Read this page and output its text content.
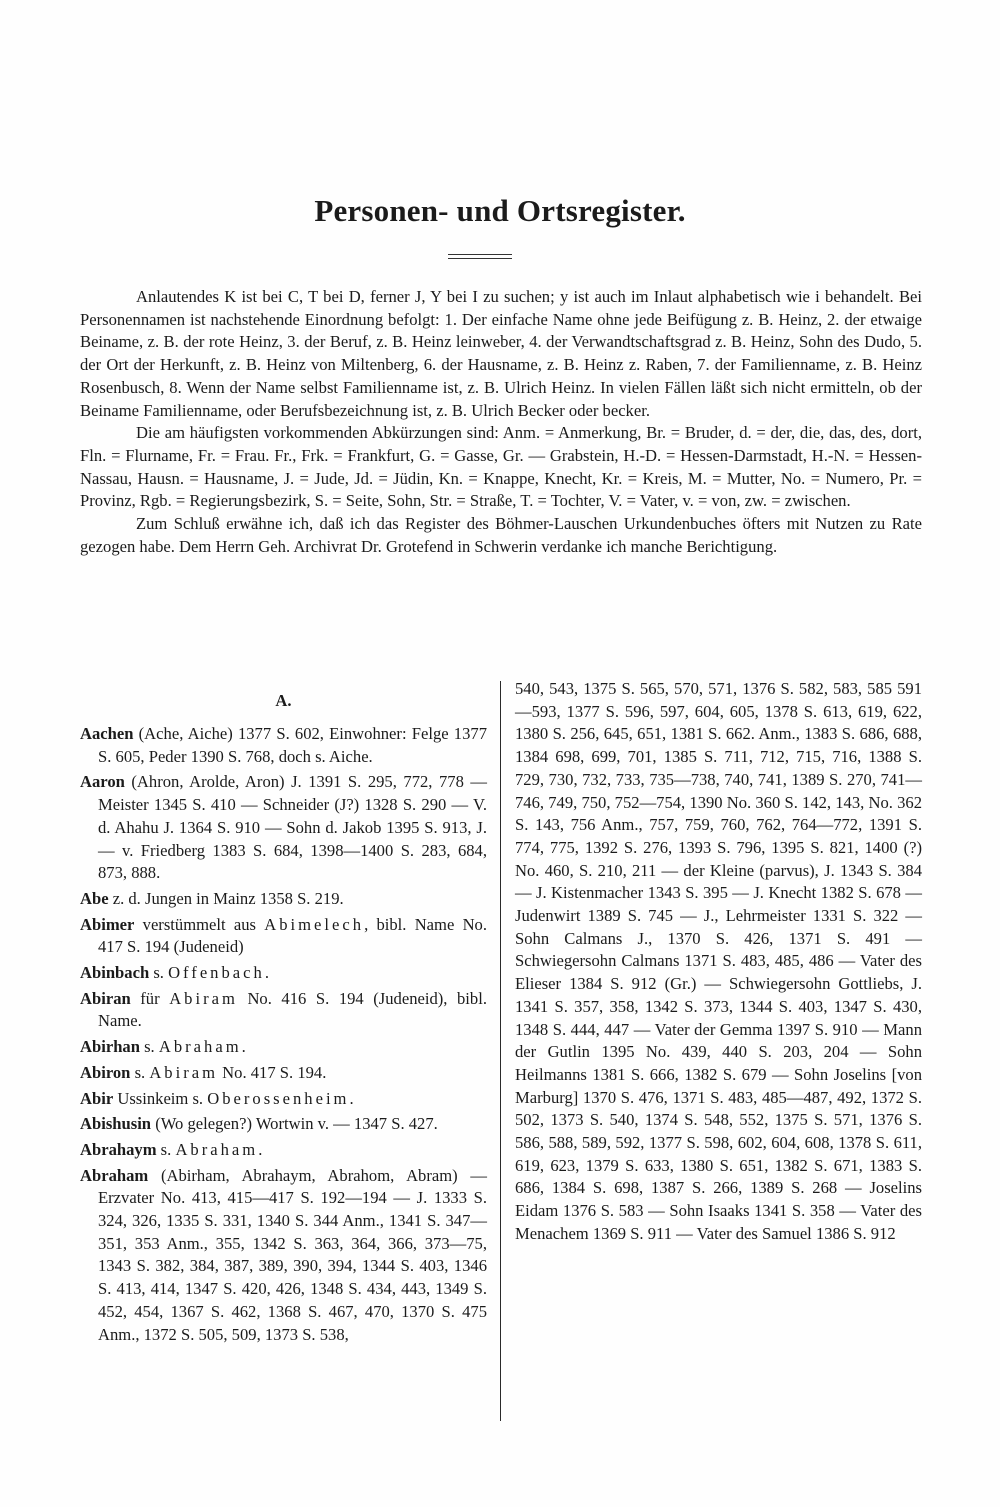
Personen- und Ortsregister.

Anlautendes K ist bei C, T bei D, ferner J, Y bei I zu suchen; y ist auch im Inlaut alphabetisch wie i behandelt. Bei Personennamen ist nachstehende Einordnung befolgt: 1. Der einfache Name ohne jede Beifügung z. B. Heinz, 2. der etwaige Beiname, z. B. der rote Heinz, 3. der Beruf, z. B. Heinz leinweber, 4. der Verwandtschaftsgrad z. B. Heinz, Sohn des Dudo, 5. der Ort der Herkunft, z. B. Heinz von Miltenberg, 6. der Hausname, z. B. Heinz z. Raben, 7. der Familienname, z. B. Heinz Rosenbusch, 8. Wenn der Name selbst Familienname ist, z. B. Ulrich Heinz. In vielen Fällen läßt sich nicht ermitteln, ob der Beiname Familienname, oder Berufsbezeichnung ist, z. B. Ulrich Becker oder becker.

Die am häufigsten vorkommenden Abkürzungen sind: Anm. = Anmerkung, Br. = Bruder, d. = der, die, das, des, dort, Fln. = Flurname, Fr. = Frau. Fr., Frk. = Frankfurt, G. = Gasse, Gr. — Grabstein, H.-D. = Hessen-Darmstadt, H.-N. = Hessen-Nassau, Hausn. = Hausname, J. = Jude, Jd. = Jüdin, Kn. = Knappe, Knecht, Kr. = Kreis, M. = Mutter, No. = Numero, Pr. = Provinz, Rgb. = Regierungsbezirk, S. = Seite, Sohn, Str. = Straße, T. = Tochter, V. = Vater, v. = von, zw. = zwischen.

Zum Schluß erwähne ich, daß ich das Register des Böhmer-Lauschen Urkundenbuches öfters mit Nutzen zu Rate gezogen habe. Dem Herrn Geh. Archivrat Dr. Grotefend in Schwerin verdanke ich manche Berichtigung.

A.

Aachen (Ache, Aiche) 1377 S. 602, Einwohner: Felge 1377 S. 605, Peder 1390 S. 768, doch s. Aiche.

Aaron (Ahron, Arolde, Aron) J. 1391 S. 295, 772, 778 — Meister 1345 S. 410 — Schneider (J?) 1328 S. 290 — V. d. Ahahu J. 1364 S. 910 — Sohn d. Jakob 1395 S. 913, J. — v. Friedberg 1383 S. 684, 1398—1400 S. 283, 684, 873, 888.

Abe z. d. Jungen in Mainz 1358 S. 219.

Abimer verstümmelt aus Abimelech, bibl. Name No. 417 S. 194 (Judeneid)

Abinbach s. Offenbach.

Abiran für Abiram No. 416 S. 194 (Judeneid), bibl. Name.

Abirhan s. Abraham.

Abiron s. Abiram No. 417 S. 194.

Abir Ussinkeim s. Oberossenheim.

Abishusin (Wo gelegen?) Wortwin v. — 1347 S. 427.

Abrahaym s. Abraham.

Abraham (Abirham, Abrahaym, Abrahom, Abram) — Erzvater No. 413, 415—417 S. 192—194 — J. 1333 S. 324, 326, 1335 S. 331, 1340 S. 344 Anm., 1341 S. 347—351, 353 Anm., 355, 1342 S. 363, 364, 366, 373—75, 1343 S. 382, 384, 387, 389, 390, 394, 1344 S. 403, 1346 S. 413, 414, 1347 S. 420, 426, 1348 S. 434, 443, 1349 S. 452, 454, 1367 S. 462, 1368 S. 467, 470, 1370 S. 475 Anm., 1372 S. 505, 509, 1373 S. 538,

540, 543, 1375 S. 565, 570, 571, 1376 S. 582, 583, 585 591—593, 1377 S. 596, 597, 604, 605, 1378 S. 613, 619, 622, 1380 S. 256, 645, 651, 1381 S. 662. Anm., 1383 S. 686, 688, 1384 698, 699, 701, 1385 S. 711, 712, 715, 716, 1388 S. 729, 730, 732, 733, 735—738, 740, 741, 1389 S. 270, 741—746, 749, 750, 752—754, 1390 No. 360 S. 142, 143, No. 362 S. 143, 756 Anm., 757, 759, 760, 762, 764—772, 1391 S. 774, 775, 1392 S. 276, 1393 S. 796, 1395 S. 821, 1400 (?) No. 460, S. 210, 211 — der Kleine (parvus), J. 1343 S. 384 — J. Kistenmacher 1343 S. 395 — J. Knecht 1382 S. 678 — Judenwirt 1389 S. 745 — J., Lehrmeister 1331 S. 322 — Sohn Calmans J., 1370 S. 426, 1371 S. 491 — Schwiegersohn Calmans 1371 S. 483, 485, 486 — Vater des Elieser 1384 S. 912 (Gr.) — Schwiegersohn Gottliebs, J. 1341 S. 357, 358, 1342 S. 373, 1344 S. 403, 1347 S. 430, 1348 S. 444, 447 — Vater der Gemma 1397 S. 910 — Mann der Gutlin 1395 No. 439, 440 S. 203, 204 — Sohn Heilmanns 1381 S. 666, 1382 S. 679 — Sohn Joselins [von Marburg] 1370 S. 476, 1371 S. 483, 485—487, 492, 1372 S. 502, 1373 S. 540, 1374 S. 548, 552, 1375 S. 571, 1376 S. 586, 588, 589, 592, 1377 S. 598, 602, 604, 608, 1378 S. 611, 619, 623, 1379 S. 633, 1380 S. 651, 1382 S. 671, 1383 S. 686, 1384 S. 698, 1387 S. 266, 1389 S. 268 — Joselins Eidam 1376 S. 583 — Sohn Isaaks 1341 S. 358 — Vater des Menachem 1369 S. 911 — Vater des Samuel 1386 S. 912
